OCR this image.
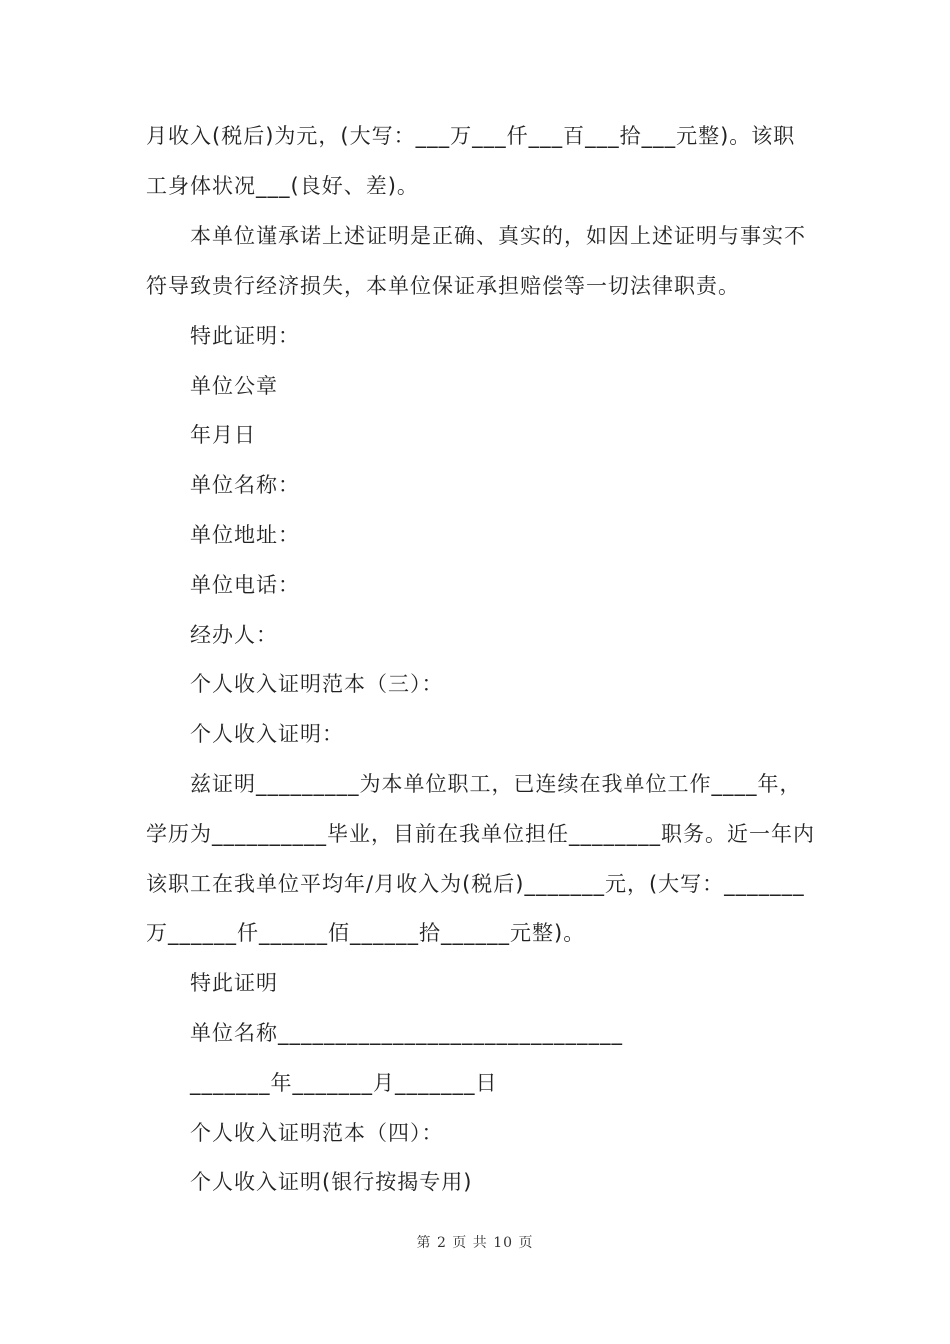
月收入(税后)为元，(大写：___万___仟___百___拾___元整)。该职
工身体状况___(良好、差)。
本单位谨承诺上述证明是正确、真实的，如因上述证明与事实不
符导致贵行经济损失，本单位保证承担赔偿等一切法律职责。
特此证明：
单位公章
年月日
单位名称：
单位地址：
单位电话：
经办人：
个人收入证明范本（三）：
个人收入证明：
兹证明_________为本单位职工，已连续在我单位工作____年，
学历为__________毕业，目前在我单位担任________职务。近一年内
该职工在我单位平均年/月收入为(税后)_______元，(大写：_______
万______仟______佰______拾______元整)。
特此证明
单位名称______________________________
_______年_______月_______日
个人收入证明范本（四）：
个人收入证明(银行按揭专用)
第 2 页 共 10 页
